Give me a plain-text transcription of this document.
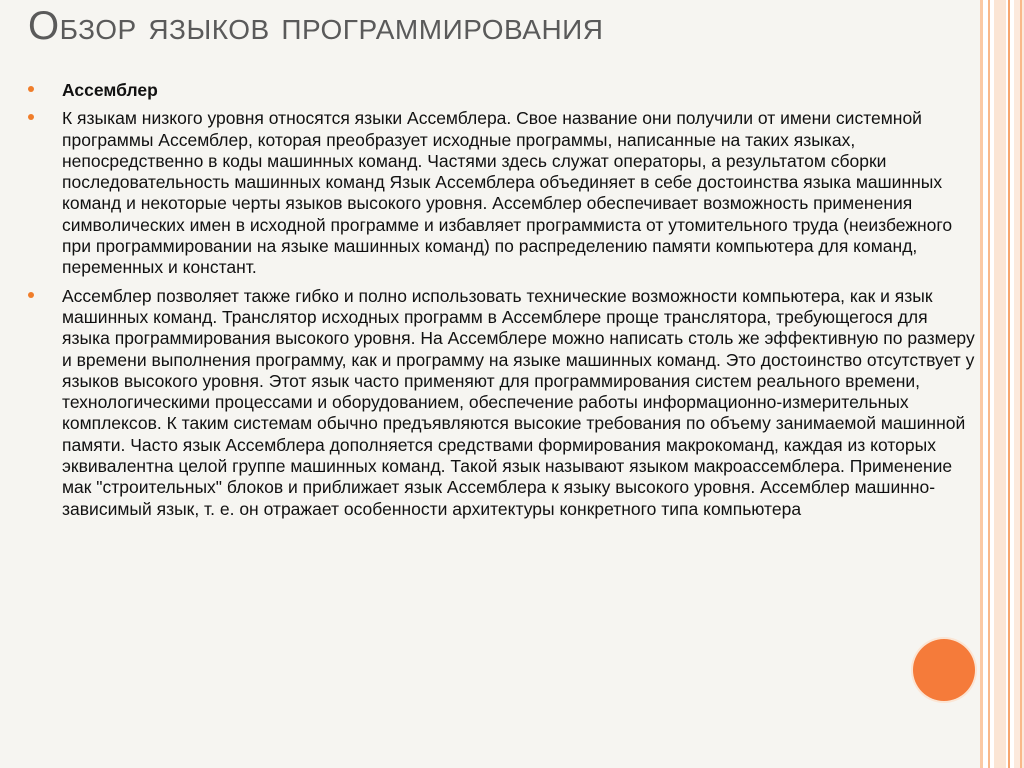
Обзор языков программирования
Ассемблер
К языкам низкого уровня относятся языки Ассемблера. Свое название они получили от имени системной программы Ассемблер, которая преобразует исходные программы, написанные на таких языках, непосредственно в коды машинных команд. Частями здесь служат операторы, а результатом сборки последовательность машинных команд Язык Ассемблера объединяет в себе достоинства языка машинных команд и некоторые черты языков высокого уровня. Ассемблер обеспечивает возможность применения символических имен в исходной программе и избавляет программиста от утомительного труда (неизбежного при программировании на языке машинных команд) по распределению памяти компьютера для команд, переменных и констант.
Ассемблер позволяет также гибко и полно использовать технические возможности компьютера, как и язык машинных команд. Транслятор исходных программ в Ассемблере проще транслятора, требующегося для языка программирования высокого уровня. На Ассемблере можно написать столь же эффективную по размеру и времени выполнения программу, как и программу на языке машинных команд. Это достоинство отсутствует у языков высокого уровня. Этот язык часто применяют для программирования систем реального времени, технологическими процессами и оборудованием, обеспечение работы информационно-измерительных комплексов. К таким системам обычно предъявляются высокие требования по объему занимаемой машинной памяти. Часто язык Ассемблера дополняется средствами формирования макрокоманд, каждая из которых эквивалентна целой группе машинных команд. Такой язык называют языком макроассемблера. Применение мак "строительных" блоков и приближает язык Ассемблера к языку высокого уровня. Ассемблер машинно-зависимый язык, т. е. он отражает особенности архитектуры конкретного типа компьютера
